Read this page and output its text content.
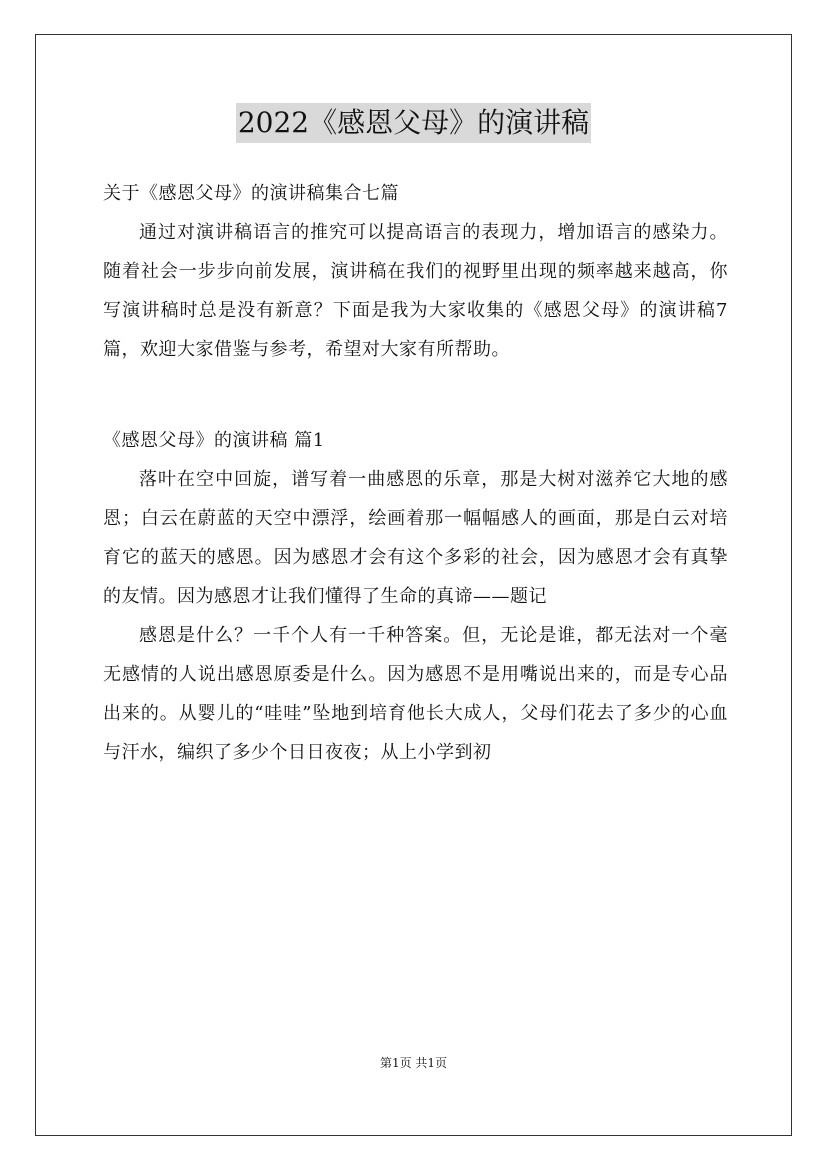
2022《感恩父母》的演讲稿

关于《感恩父母》的演讲稿集合七篇

通过对演讲稿语言的推究可以提高语言的表现力，增加语言的感染力。随着社会一步步向前发展，演讲稿在我们的视野里出现的频率越来越高，你写演讲稿时总是没有新意？下面是我为大家收集的《感恩父母》的演讲稿7篇，欢迎大家借鉴与参考，希望对大家有所帮助。

《感恩父母》的演讲稿 篇1

落叶在空中回旋，谱写着一曲感恩的乐章，那是大树对滋养它大地的感恩；白云在蔚蓝的天空中漂浮，绘画着那一幅幅感人的画面，那是白云对培育它的蓝天的感恩。因为感恩才会有这个多彩的社会，因为感恩才会有真挚的友情。因为感恩才让我们懂得了生命的真谛——题记

感恩是什么？一千个人有一千种答案。但，无论是谁，都无法对一个毫无感情的人说出感恩原委是什么。因为感恩不是用嘴说出来的，而是专心品出来的。从婴儿的“哇哇”坠地到培育他长大成人，父母们花去了多少的心血与汗水，编织了多少个日日夜夜；从上小学到初

第1页 共1页
